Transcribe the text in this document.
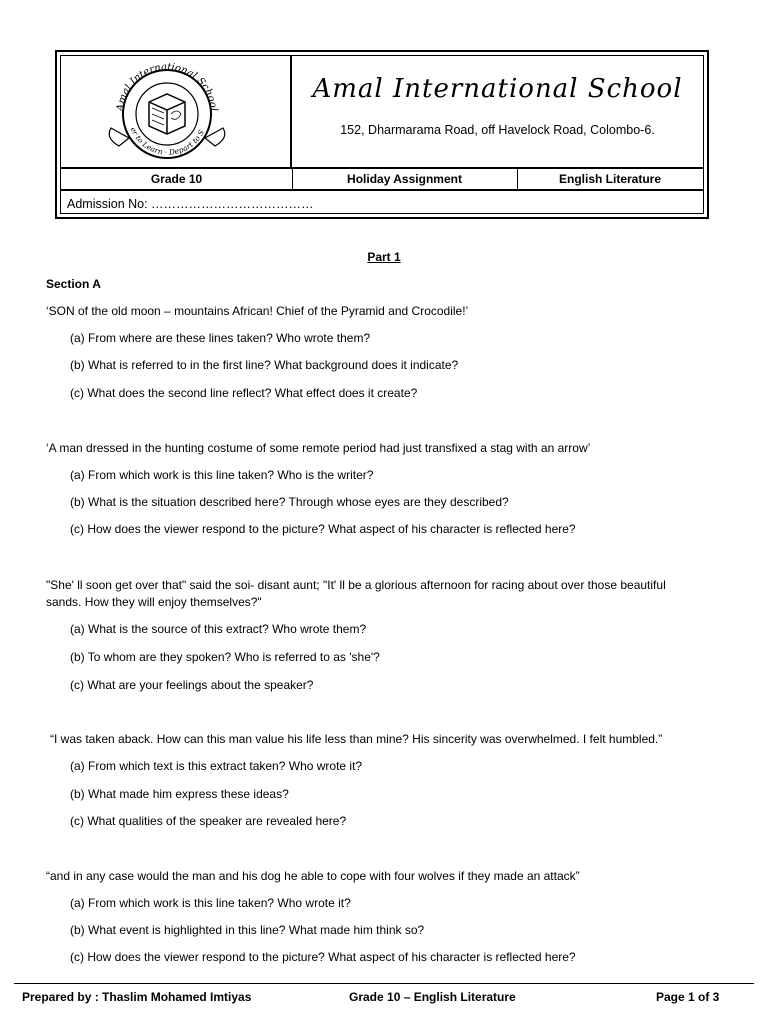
Amal International School
er to Learn · Depart to S
Amal International School
152, Dharmarama Road, off Havelock Road, Colombo-6.
Grade 10	Holiday Assignment	English Literature
Admission No: …………………………………
Part 1
Section A
‘SON of the old moon – mountains African! Chief of the Pyramid and Crocodile!’
(a) From where are these lines taken? Who wrote them?
(b) What is referred to in the first line? What background does it indicate?
(c) What does the second line reflect? What effect does it create?
‘A man dressed in the hunting costume of some remote period had just transfixed a stag with an arrow’
(a) From which work is this line taken? Who is the writer?
(b) What is the situation described here? Through whose eyes are they described?
(c) How does the viewer respond to the picture? What aspect of his character is reflected here?
"She' ll soon get over that" said the soi- disant aunt; "It' ll be a glorious afternoon for racing about over those beautiful sands. How they will enjoy themselves?"
(a) What is the source of this extract? Who wrote them?
(b) To whom are they spoken? Who is referred to as 'she'?
(c) What are your feelings about the speaker?
“I was taken aback. How can this man value his life less than mine? His sincerity was overwhelmed. I felt humbled.”
(a) From which text is this extract taken? Who wrote it?
(b) What made him express these ideas?
(c) What qualities of the speaker are revealed here?
“and in any case would the man and his dog he able to cope with four wolves if they made an attack”
(a) From which work is this line taken? Who wrote it?
(b) What event is highlighted in this line? What made him think so?
(c) How does the viewer respond to the picture? What aspect of his character is reflected here?
Prepared by : Thaslim Mohamed Imtiyas	Grade 10 – English Literature	Page 1 of 3
